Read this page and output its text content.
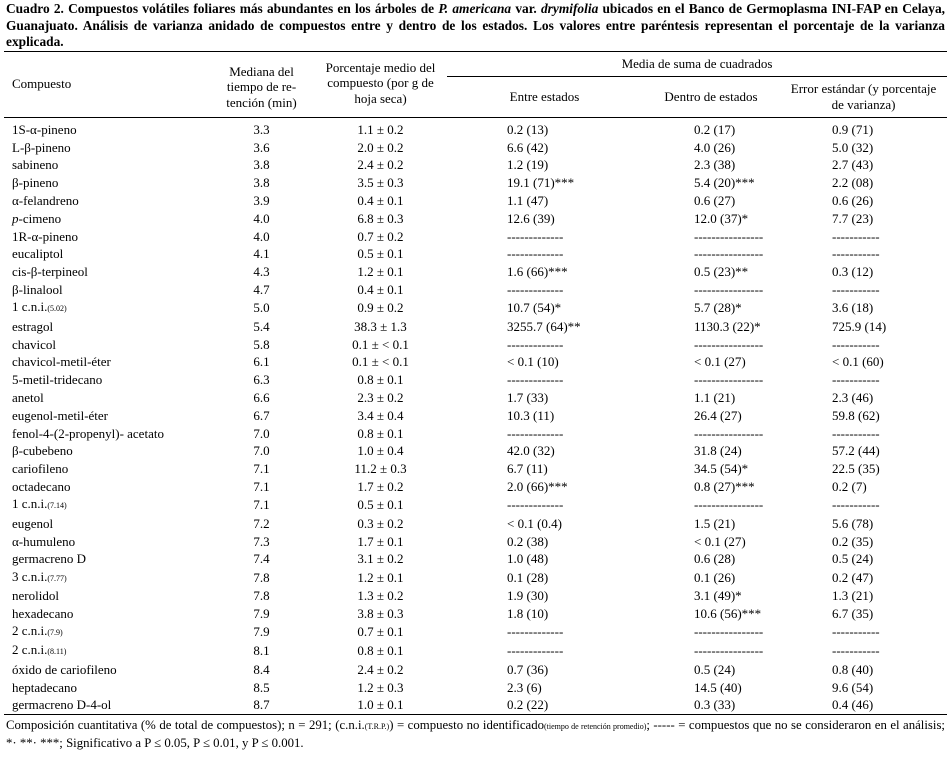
Cuadro 2. Compuestos volátiles foliares más abundantes en los árboles de P. americana var. drymifolia ubicados en el Banco de Germoplasma INI-FAP en Celaya, Guanajuato. Análisis de varianza anidado de compuestos entre y dentro de los estados. Los valores entre paréntesis representan el porcentaje de la varianza explicada.
Compuesto	Mediana del tiempo de re-tención (min)	Porcentaje medio del compuesto (por g de hoja seca)	Media de suma de cuadrados		
			Entre estados	Dentro de estados	Error estándar (y porcentaje de varianza)
1S-α-pineno	3.3	1.1 ± 0.2	0.2 (13)	0.2 (17)	0.9 (71)
L-β-pineno	3.6	2.0 ± 0.2	6.6 (42)	4.0 (26)	5.0 (32)
sabineno	3.8	2.4 ± 0.2	1.2 (19)	2.3 (38)	2.7 (43)
β-pineno	3.8	3.5 ± 0.3	19.1 (71)***	5.4 (20)***	2.2 (08)
α-felandreno	3.9	0.4 ± 0.1	1.1 (47)	0.6 (27)	0.6 (26)
p-cimeno	4.0	6.8 ± 0.3	12.6 (39)	12.0 (37)*	7.7 (23)
1R-α-pineno	4.0	0.7 ± 0.2	-------------	----------------	-----------
eucaliptol	4.1	0.5 ± 0.1	-------------	----------------	-----------
cis-β-terpineol	4.3	1.2 ± 0.1	1.6 (66)***	0.5 (23)**	0.3 (12)
β-linalool	4.7	0.4 ± 0.1	-------------	----------------	-----------
1 c.n.i.(5.02)	5.0	0.9 ± 0.2	10.7 (54)*	5.7 (28)*	3.6 (18)
estragol	5.4	38.3 ± 1.3	3255.7 (64)**	1130.3 (22)*	725.9 (14)
chavicol	5.8	0.1 ± < 0.1	-------------	----------------	-----------
chavicol-metil-éter	6.1	0.1 ± < 0.1	< 0.1 (10)	< 0.1 (27)	< 0.1 (60)
5-metil-tridecano	6.3	0.8 ± 0.1	-------------	----------------	-----------
anetol	6.6	2.3 ± 0.2	1.7 (33)	1.1 (21)	2.3 (46)
eugenol-metil-éter	6.7	3.4 ± 0.4	10.3 (11)	26.4 (27)	59.8 (62)
fenol-4-(2-propenyl)- acetato	7.0	0.8 ± 0.1	-------------	----------------	-----------
β-cubebeno	7.0	1.0 ± 0.4	42.0 (32)	31.8 (24)	57.2 (44)
cariofileno	7.1	11.2 ± 0.3	6.7 (11)	34.5 (54)*	22.5 (35)
octadecano	7.1	1.7 ± 0.2	2.0 (66)***	0.8 (27)***	0.2 (7)
1 c.n.i.(7.14)	7.1	0.5 ± 0.1	-------------	----------------	-----------
eugenol	7.2	0.3 ± 0.2	< 0.1 (0.4)	1.5 (21)	5.6 (78)
α-humuleno	7.3	1.7 ± 0.1	0.2 (38)	< 0.1 (27)	0.2 (35)
germacreno D	7.4	3.1 ± 0.2	1.0 (48)	0.6 (28)	0.5 (24)
3 c.n.i.(7.77)	7.8	1.2 ± 0.1	0.1 (28)	0.1 (26)	0.2 (47)
nerolidol	7.8	1.3 ± 0.2	1.9 (30)	3.1 (49)*	1.3 (21)
hexadecano	7.9	3.8 ± 0.3	1.8 (10)	10.6 (56)***	6.7 (35)
2 c.n.i.(7.9)	7.9	0.7 ± 0.1	-------------	----------------	-----------
2 c.n.i.(8.11)	8.1	0.8 ± 0.1	-------------	----------------	-----------
óxido de cariofileno	8.4	2.4 ± 0.2	0.7 (36)	0.5 (24)	0.8 (40)
heptadecano	8.5	1.2 ± 0.3	2.3 (6)	14.5 (40)	9.6 (54)
germacreno D-4-ol	8.7	1.0 ± 0.1	0.2 (22)	0.3 (33)	0.4 (46)
Composición cuantitativa (% de total de compuestos); n = 291; (c.n.i.(T.R.P.)) = compuesto no identificado(tiempo de retención promedio); ----- = compuestos que no se consideraron en el análisis; *· **· ***; Significativo a P ≤ 0.05, P ≤ 0.01, y P ≤ 0.001.
